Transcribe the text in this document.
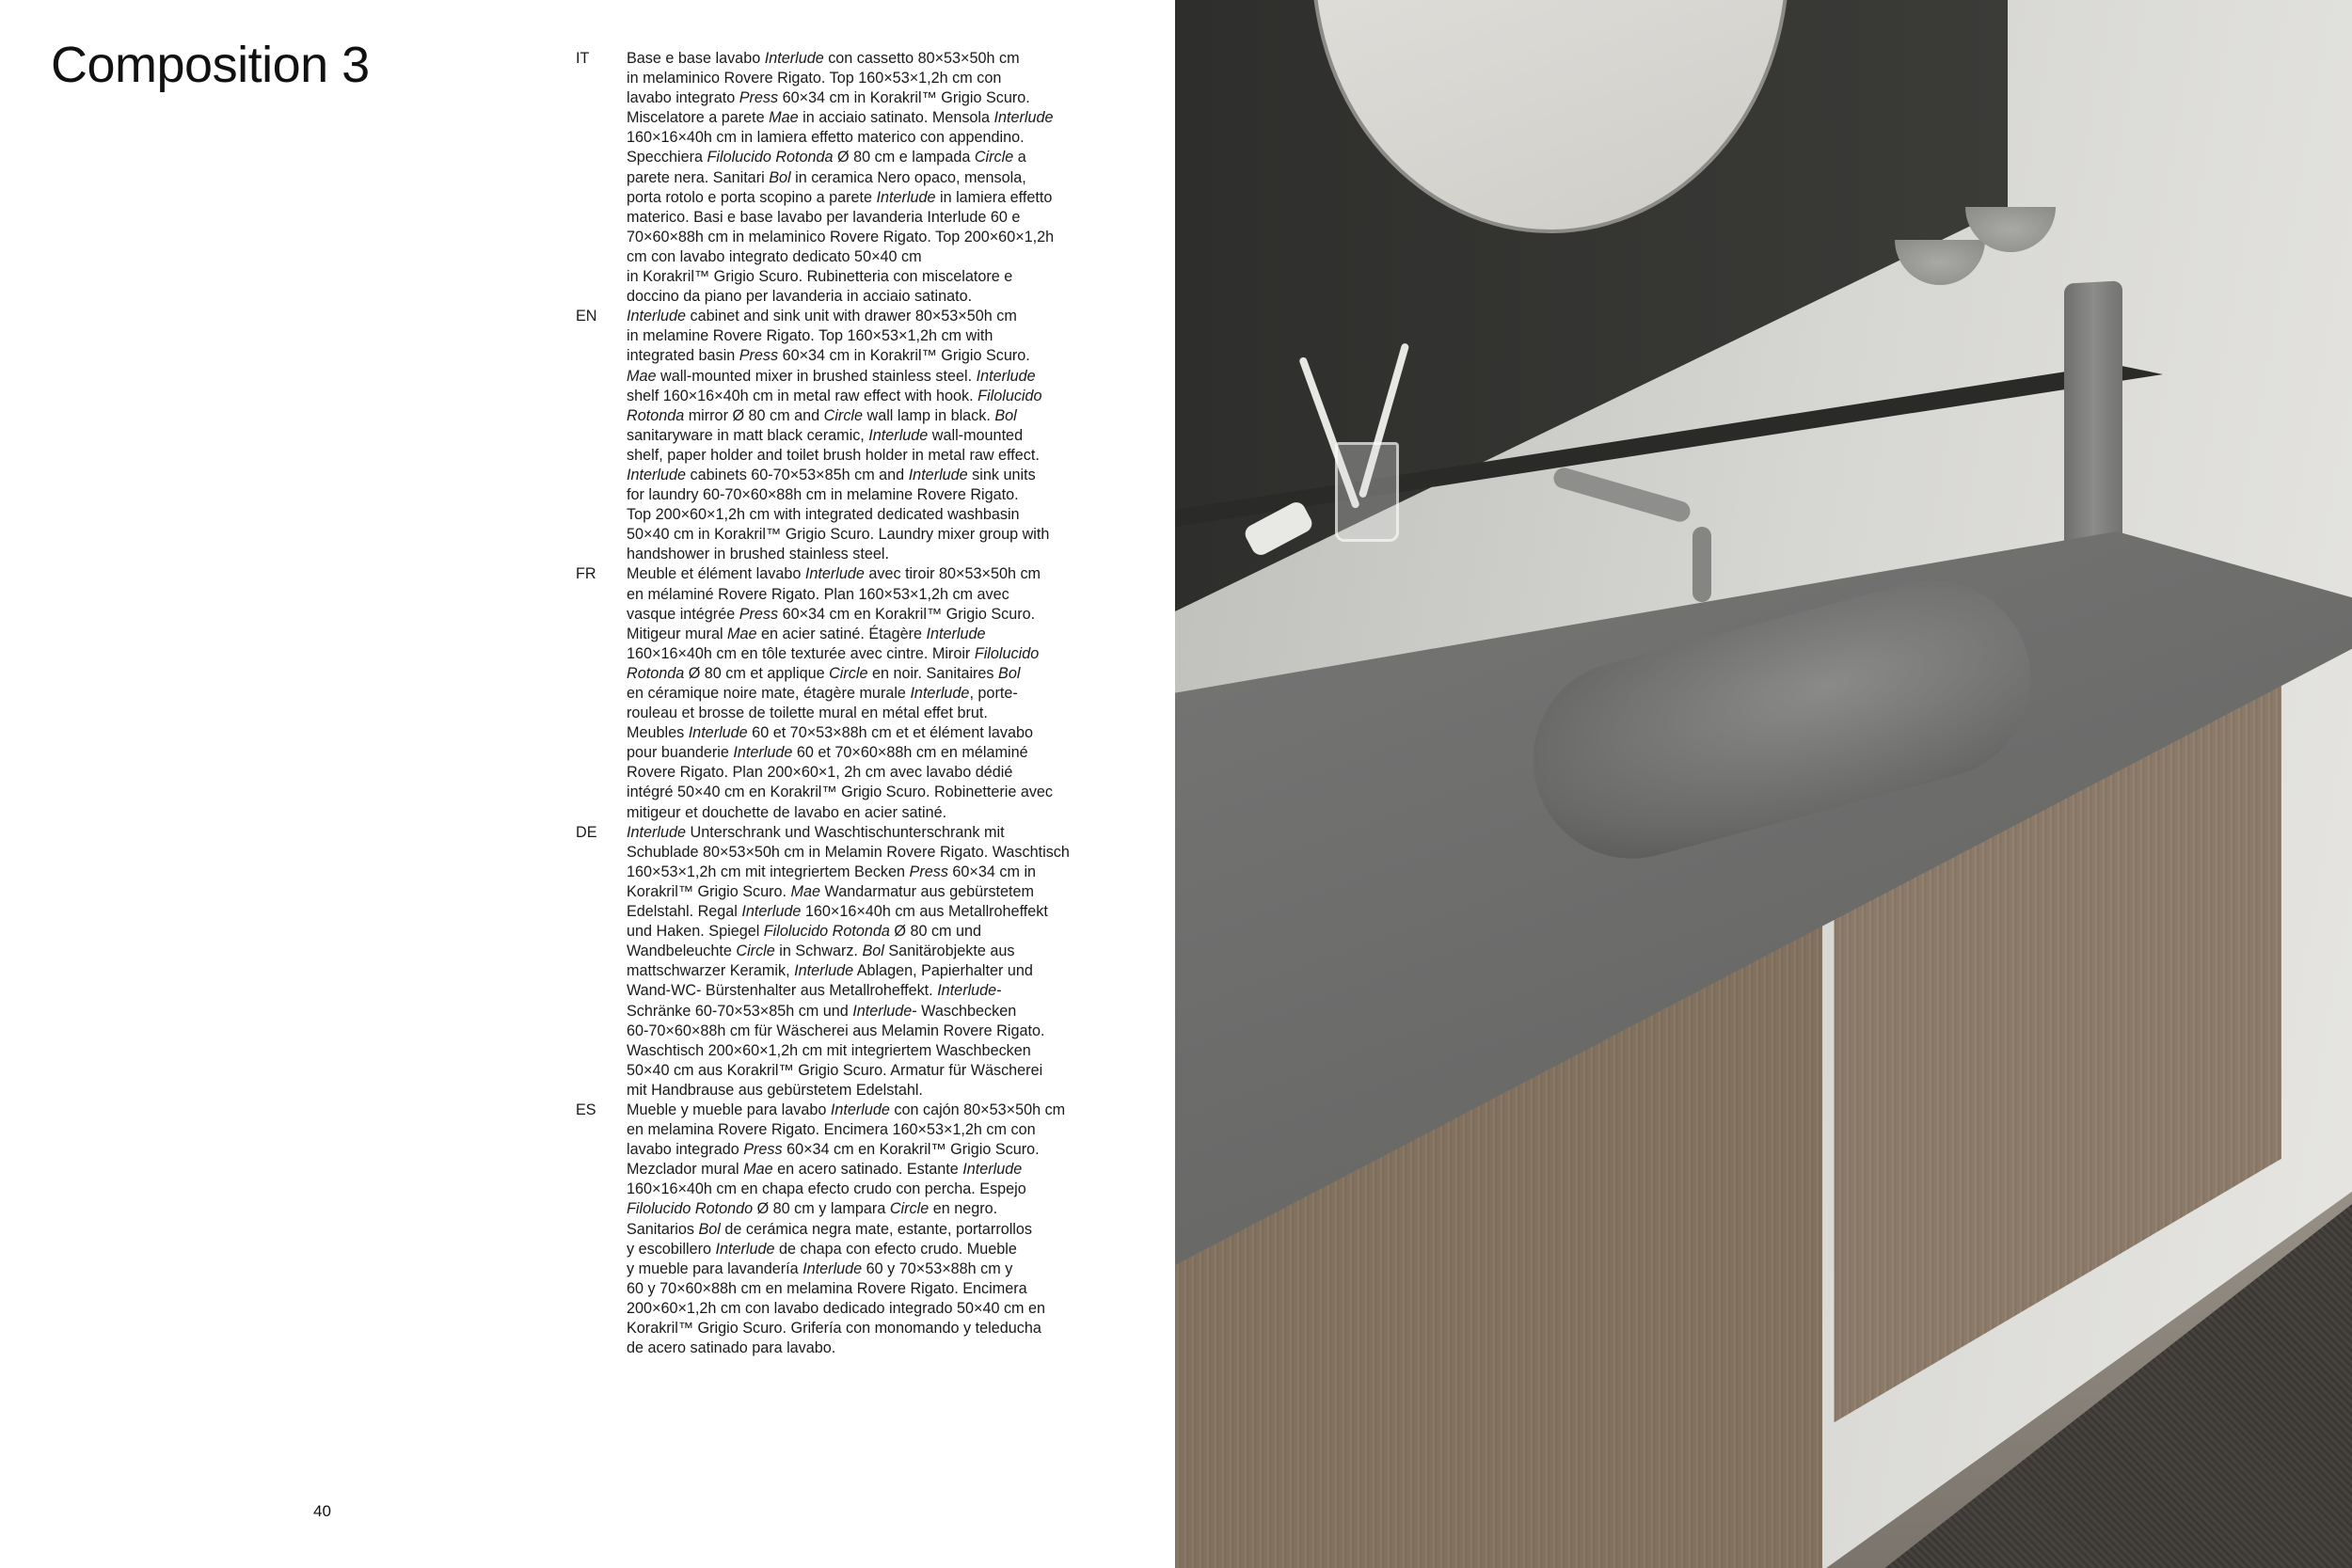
Composition 3	IT	Base e base lavabo Interlude con cassetto 80×53×50h cm
in melaminico Rovere Rigato. Top 160×53×1,2h cm con
lavabo integrato Press 60×34 cm in Korakril™ Grigio Scuro.
Miscelatore a parete Mae in acciaio satinato. Mensola Interlude
160×16×40h cm in lamiera effetto materico con appendino.
Specchiera Filolucido Rotonda Ø 80 cm e lampada Circle a
parete nera. Sanitari Bol in ceramica Nero opaco, mensola,
porta rotolo e porta scopino a parete Interlude in lamiera effetto
materico. Basi e base lavabo per lavanderia Interlude 60 e
70×60×88h cm in melaminico Rovere Rigato. Top 200×60×1,2h
cm con lavabo integrato dedicato 50×40 cm
in Korakril™ Grigio Scuro. Rubinetteria con miscelatore e
doccino da piano per lavanderia in acciaio satinato.
EN	Interlude cabinet and sink unit with drawer 80×53×50h cm
in melamine Rovere Rigato. Top 160×53×1,2h cm with
integrated basin Press 60×34 cm in Korakril™ Grigio Scuro.
Mae wall-mounted mixer in brushed stainless steel. Interlude
shelf 160×16×40h cm in metal raw effect with hook. Filolucido
Rotonda mirror Ø 80 cm and Circle wall lamp in black. Bol
sanitaryware in matt black ceramic, Interlude wall-mounted
shelf, paper holder and toilet brush holder in metal raw effect.
Interlude cabinets 60-70×53×85h cm and Interlude sink units
for laundry 60-70×60×88h cm in melamine Rovere Rigato.
Top 200×60×1,2h cm with integrated dedicated washbasin
50×40 cm in Korakril™ Grigio Scuro. Laundry mixer group with
handshower in brushed stainless steel.
FR	Meuble et élément lavabo Interlude avec tiroir 80×53×50h cm
en mélaminé Rovere Rigato. Plan 160×53×1,2h cm avec
vasque intégrée Press 60×34 cm en Korakril™ Grigio Scuro.
Mitigeur mural Mae en acier satiné. Étagère Interlude
160×16×40h cm en tôle texturée avec cintre. Miroir Filolucido
Rotonda Ø 80 cm et applique Circle en noir. Sanitaires Bol
en céramique noire mate, étagère murale Interlude, porte-
rouleau et brosse de toilette mural en métal effet brut.
Meubles Interlude 60 et 70×53×88h cm et et élément lavabo
pour buanderie Interlude 60 et 70×60×88h cm en mélaminé
Rovere Rigato. Plan 200×60×1, 2h cm avec lavabo dédié
intégré 50×40 cm en Korakril™ Grigio Scuro. Robinetterie avec
mitigeur et douchette de lavabo en acier satiné.
DE	Interlude Unterschrank und Waschtischunterschrank mit
Schublade 80×53×50h cm in Melamin Rovere Rigato. Waschtisch
160×53×1,2h cm mit integriertem Becken Press 60×34 cm in
Korakril™ Grigio Scuro. Mae Wandarmatur aus gebürstetem
Edelstahl. Regal Interlude 160×16×40h cm aus Metallroheffekt
und Haken. Spiegel Filolucido Rotonda Ø 80 cm und
Wandbeleuchte Circle in Schwarz. Bol Sanitärobjekte aus
mattschwarzer Keramik, Interlude Ablagen, Papierhalter und
Wand-WC- Bürstenhalter aus Metallroheffekt. Interlude-
Schränke 60-70×53×85h cm und Interlude- Waschbecken
60-70×60×88h cm für Wäscherei aus Melamin Rovere Rigato.
Waschtisch 200×60×1,2h cm mit integriertem Waschbecken
50×40 cm aus Korakril™ Grigio Scuro. Armatur für Wäscherei
mit Handbrause aus gebürstetem Edelstahl.
ES	Mueble y mueble para lavabo Interlude con cajón 80×53×50h cm
en melamina Rovere Rigato. Encimera 160×53×1,2h cm con
lavabo integrado Press 60×34 cm en Korakril™ Grigio Scuro.
Mezclador mural Mae en acero satinado. Estante Interlude
160×16×40h cm en chapa efecto crudo con percha. Espejo
Filolucido Rotondo Ø 80 cm y lampara Circle en negro.
Sanitarios Bol de cerámica negra mate, estante, portarrollos
y escobillero Interlude de chapa con efecto crudo. Mueble
y mueble para lavandería Interlude 60 y 70×53×88h cm y
60 y 70×60×88h cm en melamina Rovere Rigato. Encimera
200×60×1,2h cm con lavabo dedicado integrado 50×40 cm en
Korakril™ Grigio Scuro. Grifería con monomando y teleducha
de acero satinado para lavabo.
40
